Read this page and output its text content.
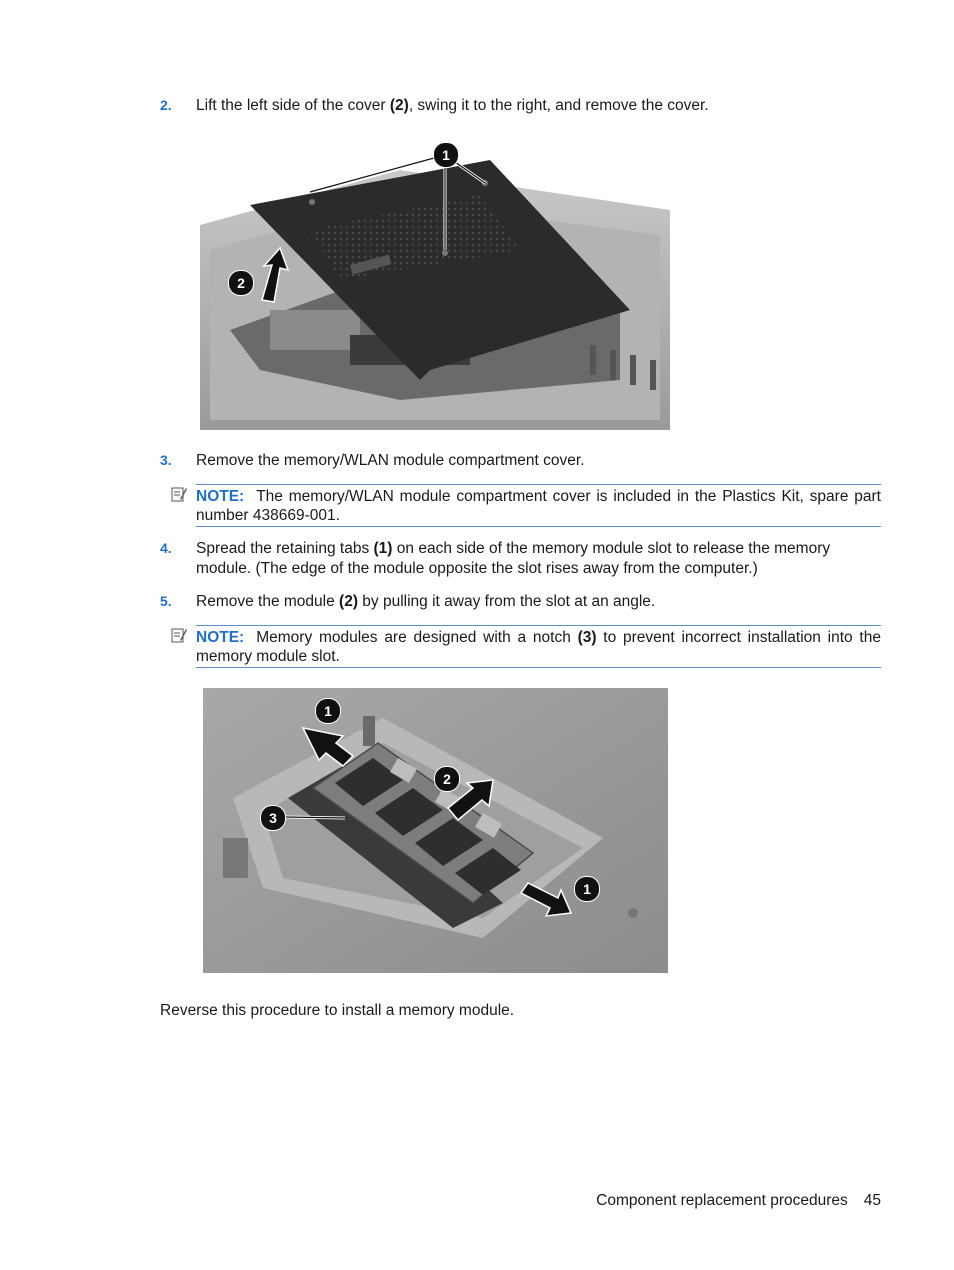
2. Lift the left side of the cover (2), swing it to the right, and remove the cover.
1
2
3. Remove the memory/WLAN module compartment cover.
NOTE: The memory/WLAN module compartment cover is included in the Plastics Kit, spare part number 438669-001.
4. Spread the retaining tabs (1) on each side of the memory module slot to release the memory module. (The edge of the module opposite the slot rises away from the computer.)
5. Remove the module (2) by pulling it away from the slot at an angle.
NOTE: Memory modules are designed with a notch (3) to prevent incorrect installation into the memory module slot.
1
2
3
1
Reverse this procedure to install a memory module.
Component replacement procedures 45
